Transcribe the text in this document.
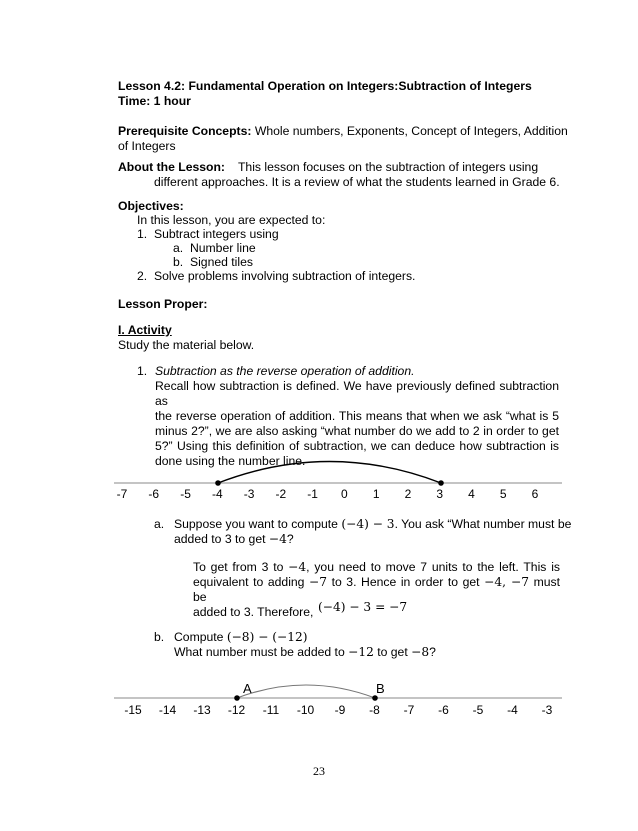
Lesson 4.2: Fundamental Operation on Integers:Subtraction of Integers

Time: 1 hour

Prerequisite Concepts: Whole numbers, Exponents, Concept of Integers, Addition

of Integers

About the Lesson: This lesson focuses on the subtraction of integers using

different approaches. It is a review of what the students learned in Grade 6.

Objectives:

In this lesson, you are expected to:

1. Subtract integers using

a. Number line

b. Signed tiles

2. Solve problems involving subtraction of integers.

Lesson Proper:

I. Activity

Study the material below.

1. Subtraction as the reverse operation of addition.

Recall how subtraction is defined. We have previously defined subtraction as
the reverse operation of addition. This means that when we ask “what is 5
minus 2?”, we are also asking “what number do we add to 2 in order to get
5?” Using this definition of subtraction, we can deduce how subtraction is
done using the number line.
-7 -6 -5 -4 -3 -2 -1 0 1 2 3 4 5 6

a. Suppose you want to compute (−4) − 3. You ask “What number must be

added to 3 to get −4?

To get from 3 to −4, you need to move 7 units to the left. This is
equivalent to adding −7 to 3. Hence in order to get −4, −7 must be
added to 3. Therefore, (−4) − 3 = −7

b. Compute (−8) − (−12)

What number must be added to −12 to get −8?

A	B
-15 -14 -13 -12 -11 -10 -9 -8 -7 -6 -5 -4 -3

23
